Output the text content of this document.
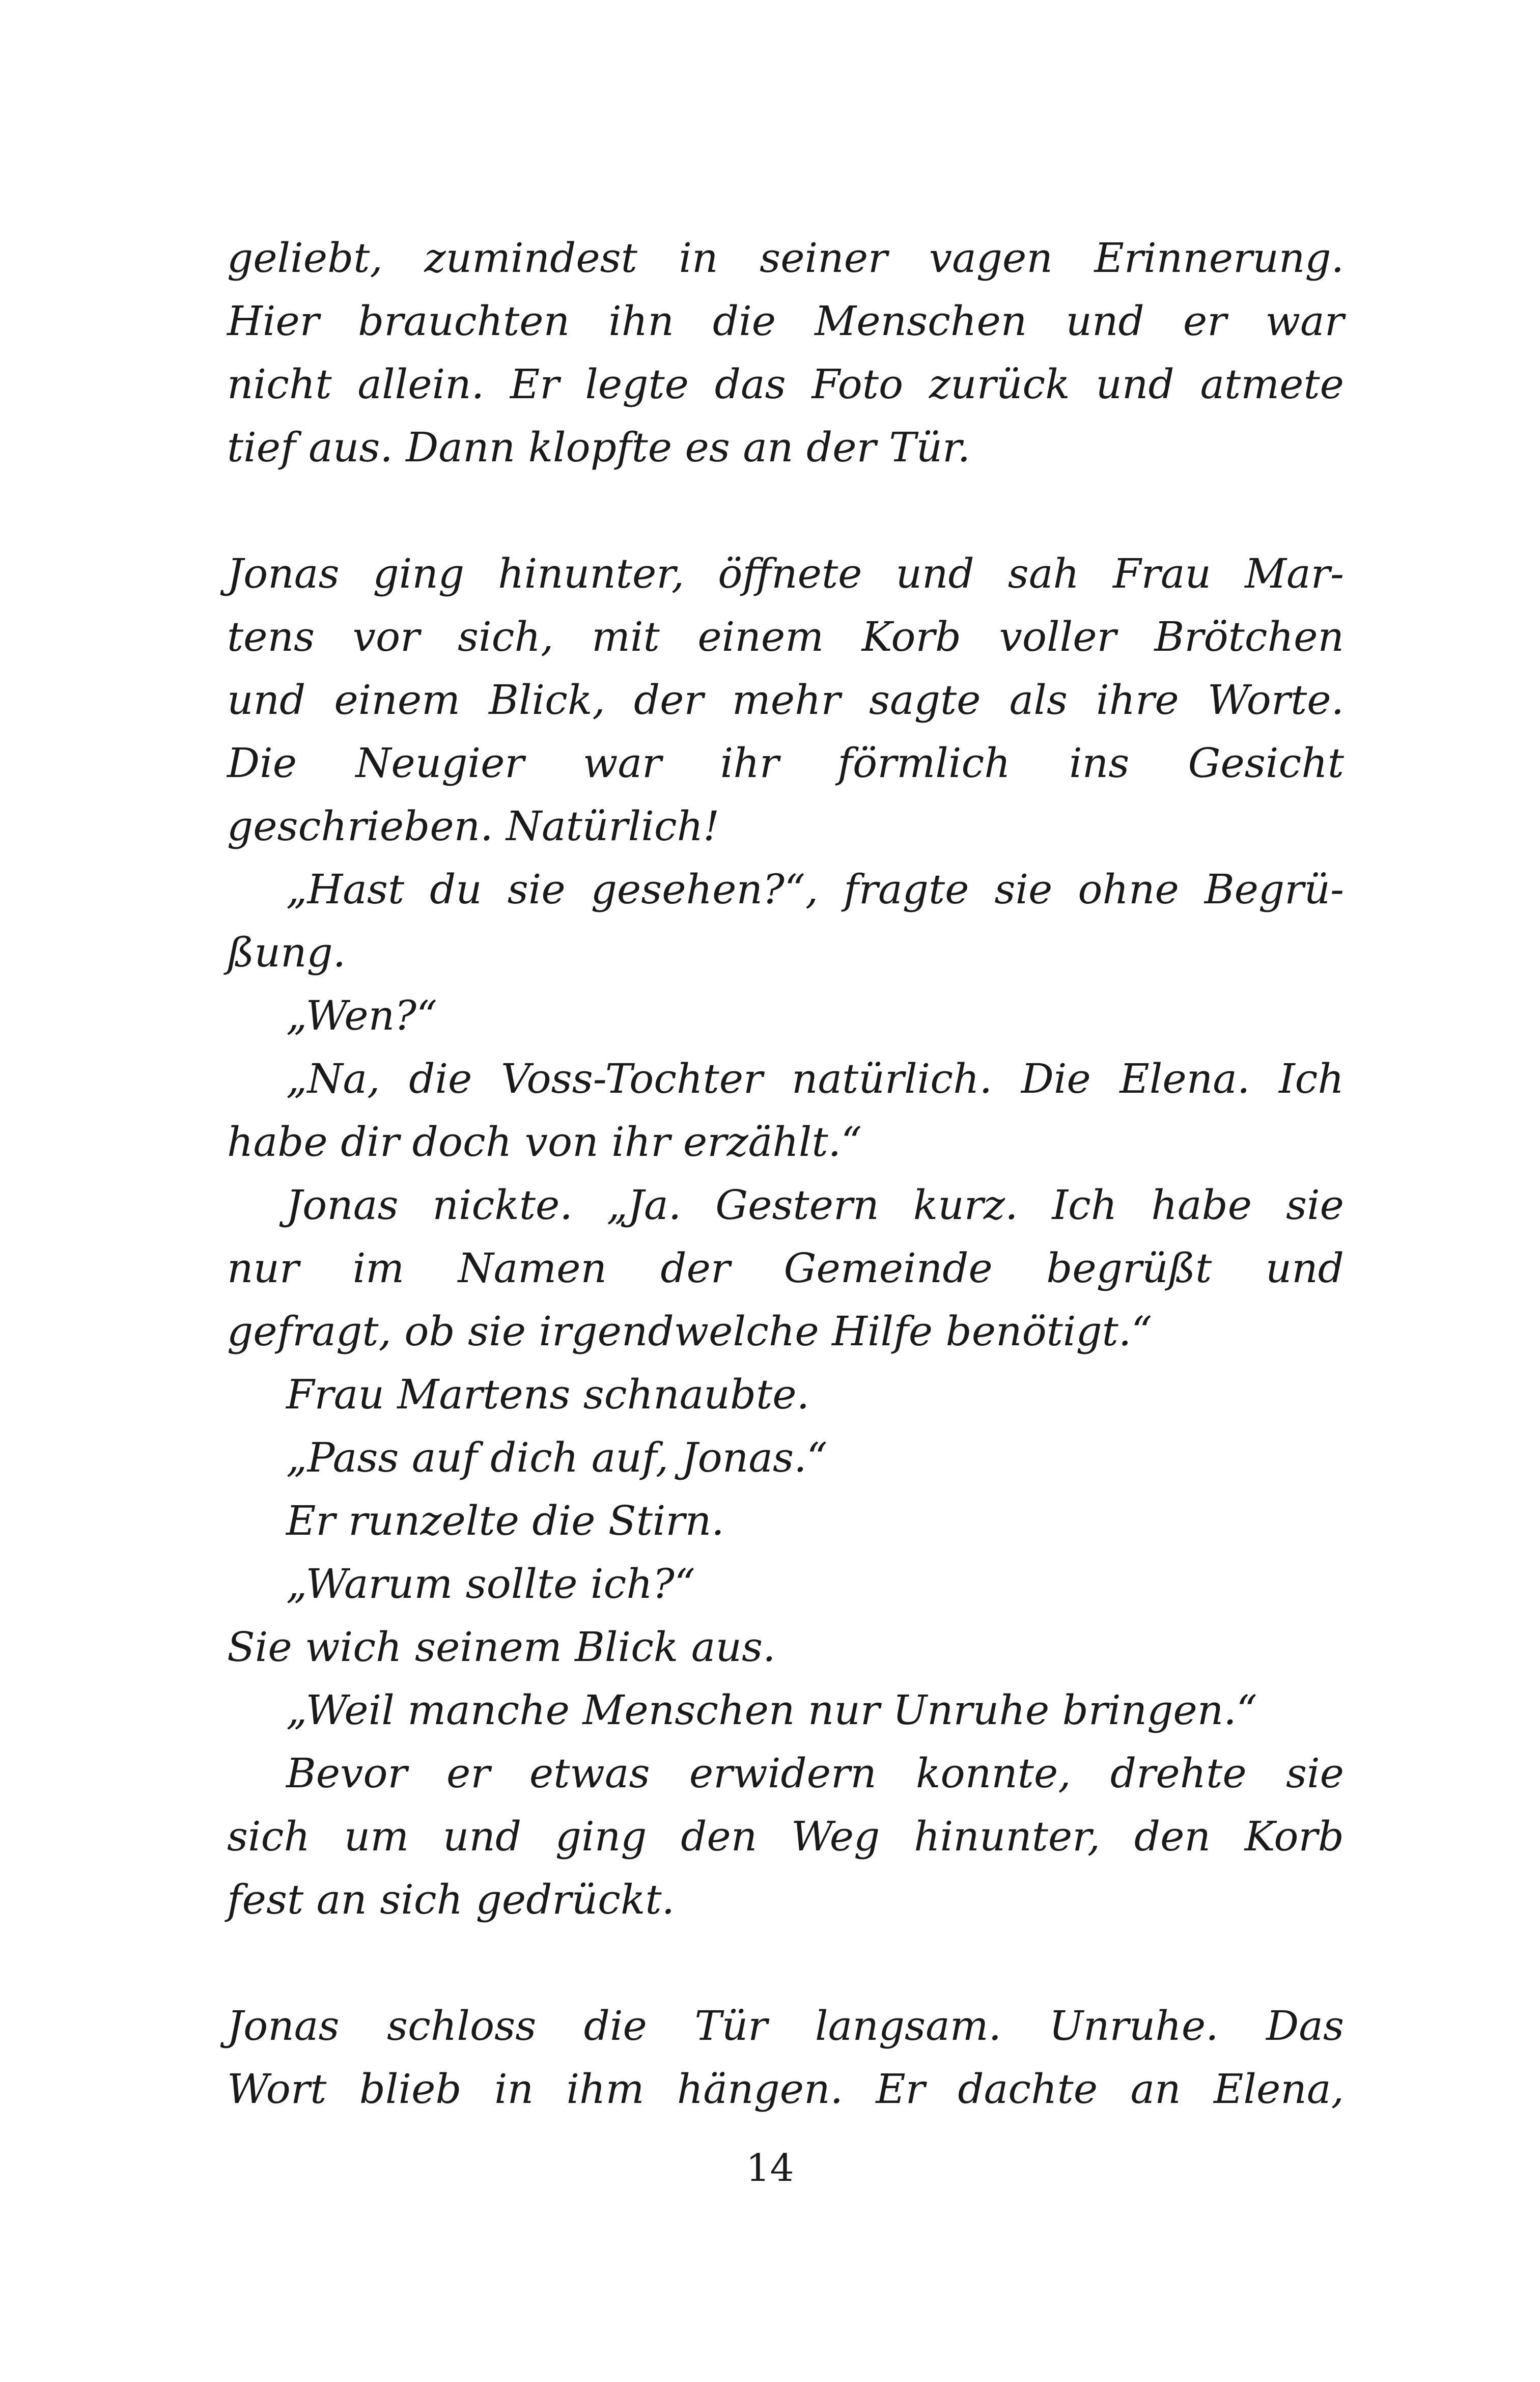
geliebt, zumindest in seiner vagen Erinnerung.
Hier brauchten ihn die Menschen und er war
nicht allein. Er legte das Foto zurück und atmete
tief aus. Dann klopfte es an der Tür.
Jonas ging hinunter, öffnete und sah Frau Mar-
tens vor sich, mit einem Korb voller Brötchen
und einem Blick, der mehr sagte als ihre Worte.
Die Neugier war ihr förmlich ins Gesicht
geschrieben. Natürlich!
„Hast du sie gesehen?“, fragte sie ohne Begrü-
ßung.
„Wen?“
„Na, die Voss-Tochter natürlich. Die Elena. Ich
habe dir doch von ihr erzählt.“
Jonas nickte. „Ja. Gestern kurz. Ich habe sie
nur im Namen der Gemeinde begrüßt und
gefragt, ob sie irgendwelche Hilfe benötigt.“
Frau Martens schnaubte.
„Pass auf dich auf, Jonas.“
Er runzelte die Stirn.
„Warum sollte ich?“
Sie wich seinem Blick aus.
„Weil manche Menschen nur Unruhe bringen.“
Bevor er etwas erwidern konnte, drehte sie
sich um und ging den Weg hinunter, den Korb
fest an sich gedrückt.
Jonas schloss die Tür langsam. Unruhe. Das
Wort blieb in ihm hängen. Er dachte an Elena,
14
